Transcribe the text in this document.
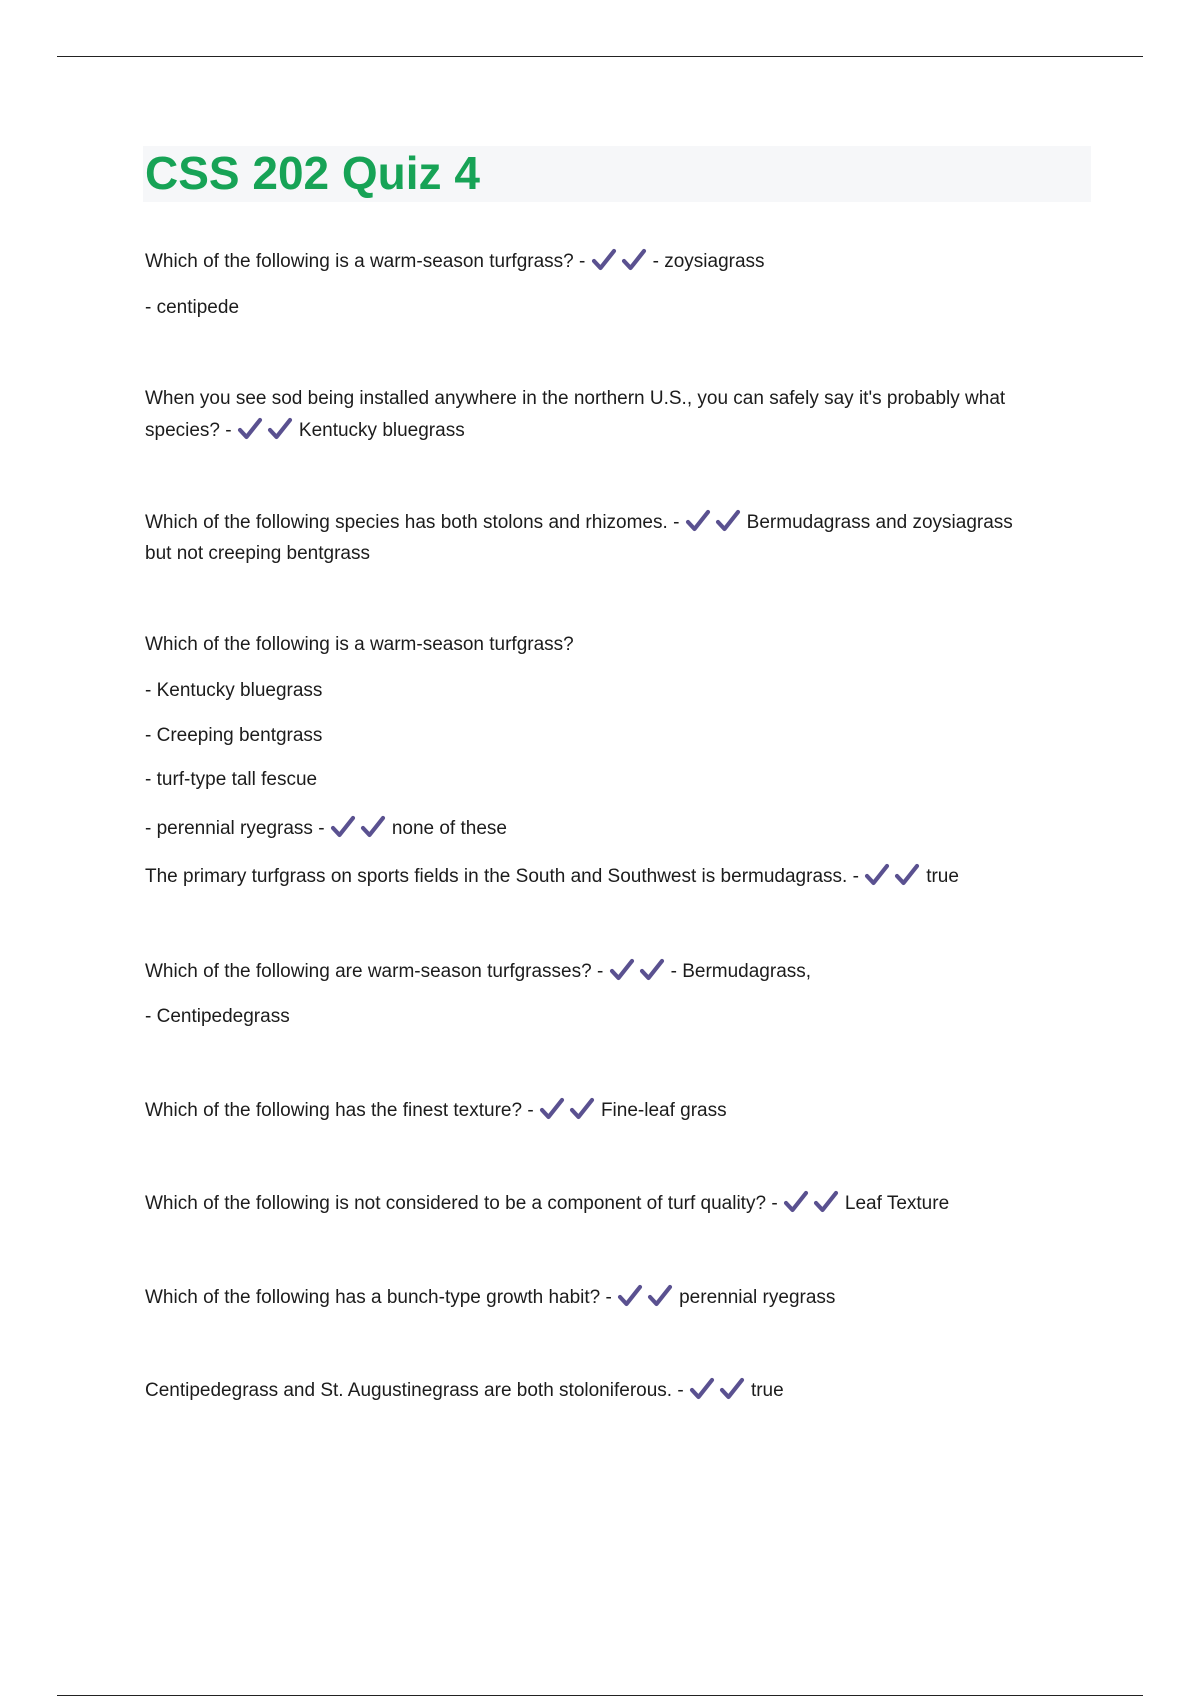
CSS 202 Quiz 4

Which of the following is a warm-season turfgrass? -	- zoysiagrass

- centipede

When you see sod being installed anywhere in the northern U.S., you can safely say it's probably what

species? -	Kentucky bluegrass

Which of the following species has both stolons and rhizomes. -	Bermudagrass and zoysiagrass

but not creeping bentgrass

Which of the following is a warm-season turfgrass?

- Kentucky bluegrass

- Creeping bentgrass

- turf-type tall fescue

- perennial ryegrass -	none of these

The primary turfgrass on sports fields in the South and Southwest is bermudagrass. -	true

Which of the following are warm-season turfgrasses? -	- Bermudagrass,

- Centipedegrass

Which of the following has the finest texture? -	Fine-leaf grass

Which of the following is not considered to be a component of turf quality? -	Leaf Texture

Which of the following has a bunch-type growth habit? -	perennial ryegrass

Centipedegrass and St. Augustinegrass are both stoloniferous. -	true
